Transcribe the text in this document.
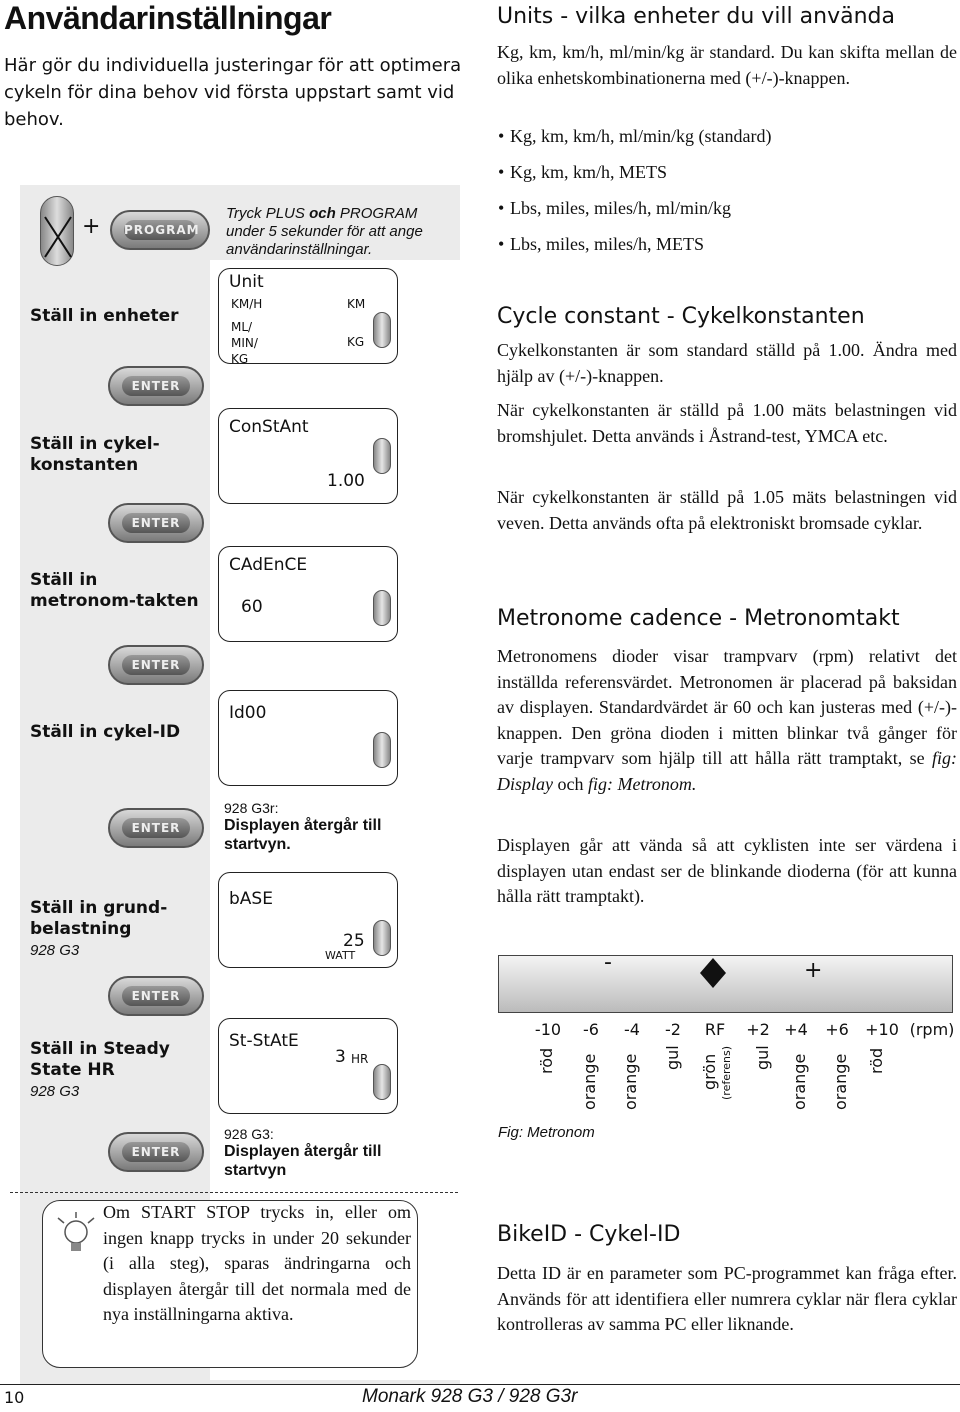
Användarinställningar
Här gör du individuella justeringar för att optimera cykeln för dina behov vid första uppstart samt vid behov.
+ PROGRAM
Tryck PLUS och PROGRAM under 5 sekunder för att ange användarinställningar.
Ställ in enheter
Unit
KM/H	KM
ML/ MIN/ KG
KG
ENTER
Ställ in cykel-konstanten
ConStAnt
1.00
ENTER
Ställ in metronom-takten
CAdEnCE
60
ENTER
Ställ in cykel-ID
Id00
ENTER
928 G3r:
Displayen återgår till startvyn.
Ställ in grund-belastning
928 G3
bASE
25
WATT
ENTER
Ställ in Steady State HR
928 G3
St-StAtE
3 HR
ENTER
928 G3:
Displayen återgår till startvyn
Om START STOP trycks in, eller om ingen knapp trycks in under 20 sekunder (i alla steg), sparas ändringarna och displayen återgår till det normala med de nya inställningarna aktiva.
Units - vilka enheter du vill använda
Kg, km, km/h, ml/min/kg är standard. Du kan skifta mellan de olika enhetskombinationerna med (+/-)-knappen.
• Kg, km, km/h, ml/min/kg (standard)
• Kg, km, km/h, METS
• Lbs, miles, miles/h, ml/min/kg
• Lbs, miles, miles/h, METS
Cycle constant - Cykelkonstanten
Cykelkonstanten är som standard ställd på 1.00. Ändra med hjälp av (+/-)-knappen.
När cykelkonstanten är ställd på 1.00 mäts belastningen vid bromshjulet. Detta används i Åstrand-test, YMCA etc.
När cykelkonstanten är ställd på 1.05 mäts belastningen vid veven. Detta används ofta på elektroniskt bromsade cyklar.
Metronome cadence - Metronomtakt
Metronomens dioder visar trampvarv (rpm) relativt det inställda referensvärdet. Metronomen är placerad på baksidan av displayen. Standardvärdet är 60 och kan justeras med (+/-)-knappen. Den gröna dioden i mitten blinkar två gånger för varje trampvarv som hjälp till att hålla rätt tramptakt, se fig: Display och fig: Metronom.
Displayen går att vända så att cyklisten inte ser värdena i displayen utan endast ser de blinkande dioderna (för att kunna hålla rätt tramptakt).
-	+
-10	-6	-4	-2	RF	+2 +4	+6	+10 (rpm)
röd orange orange gul grön (referens) gul orange orange röd
Fig: Metronom
BikeID - Cykel-ID
Detta ID är en parameter som PC-programmet kan fråga efter. Används för att identifiera eller numrera cyklar när flera cyklar kontrolleras av samma PC eller liknande.
10	Monark 928 G3 / 928 G3r
